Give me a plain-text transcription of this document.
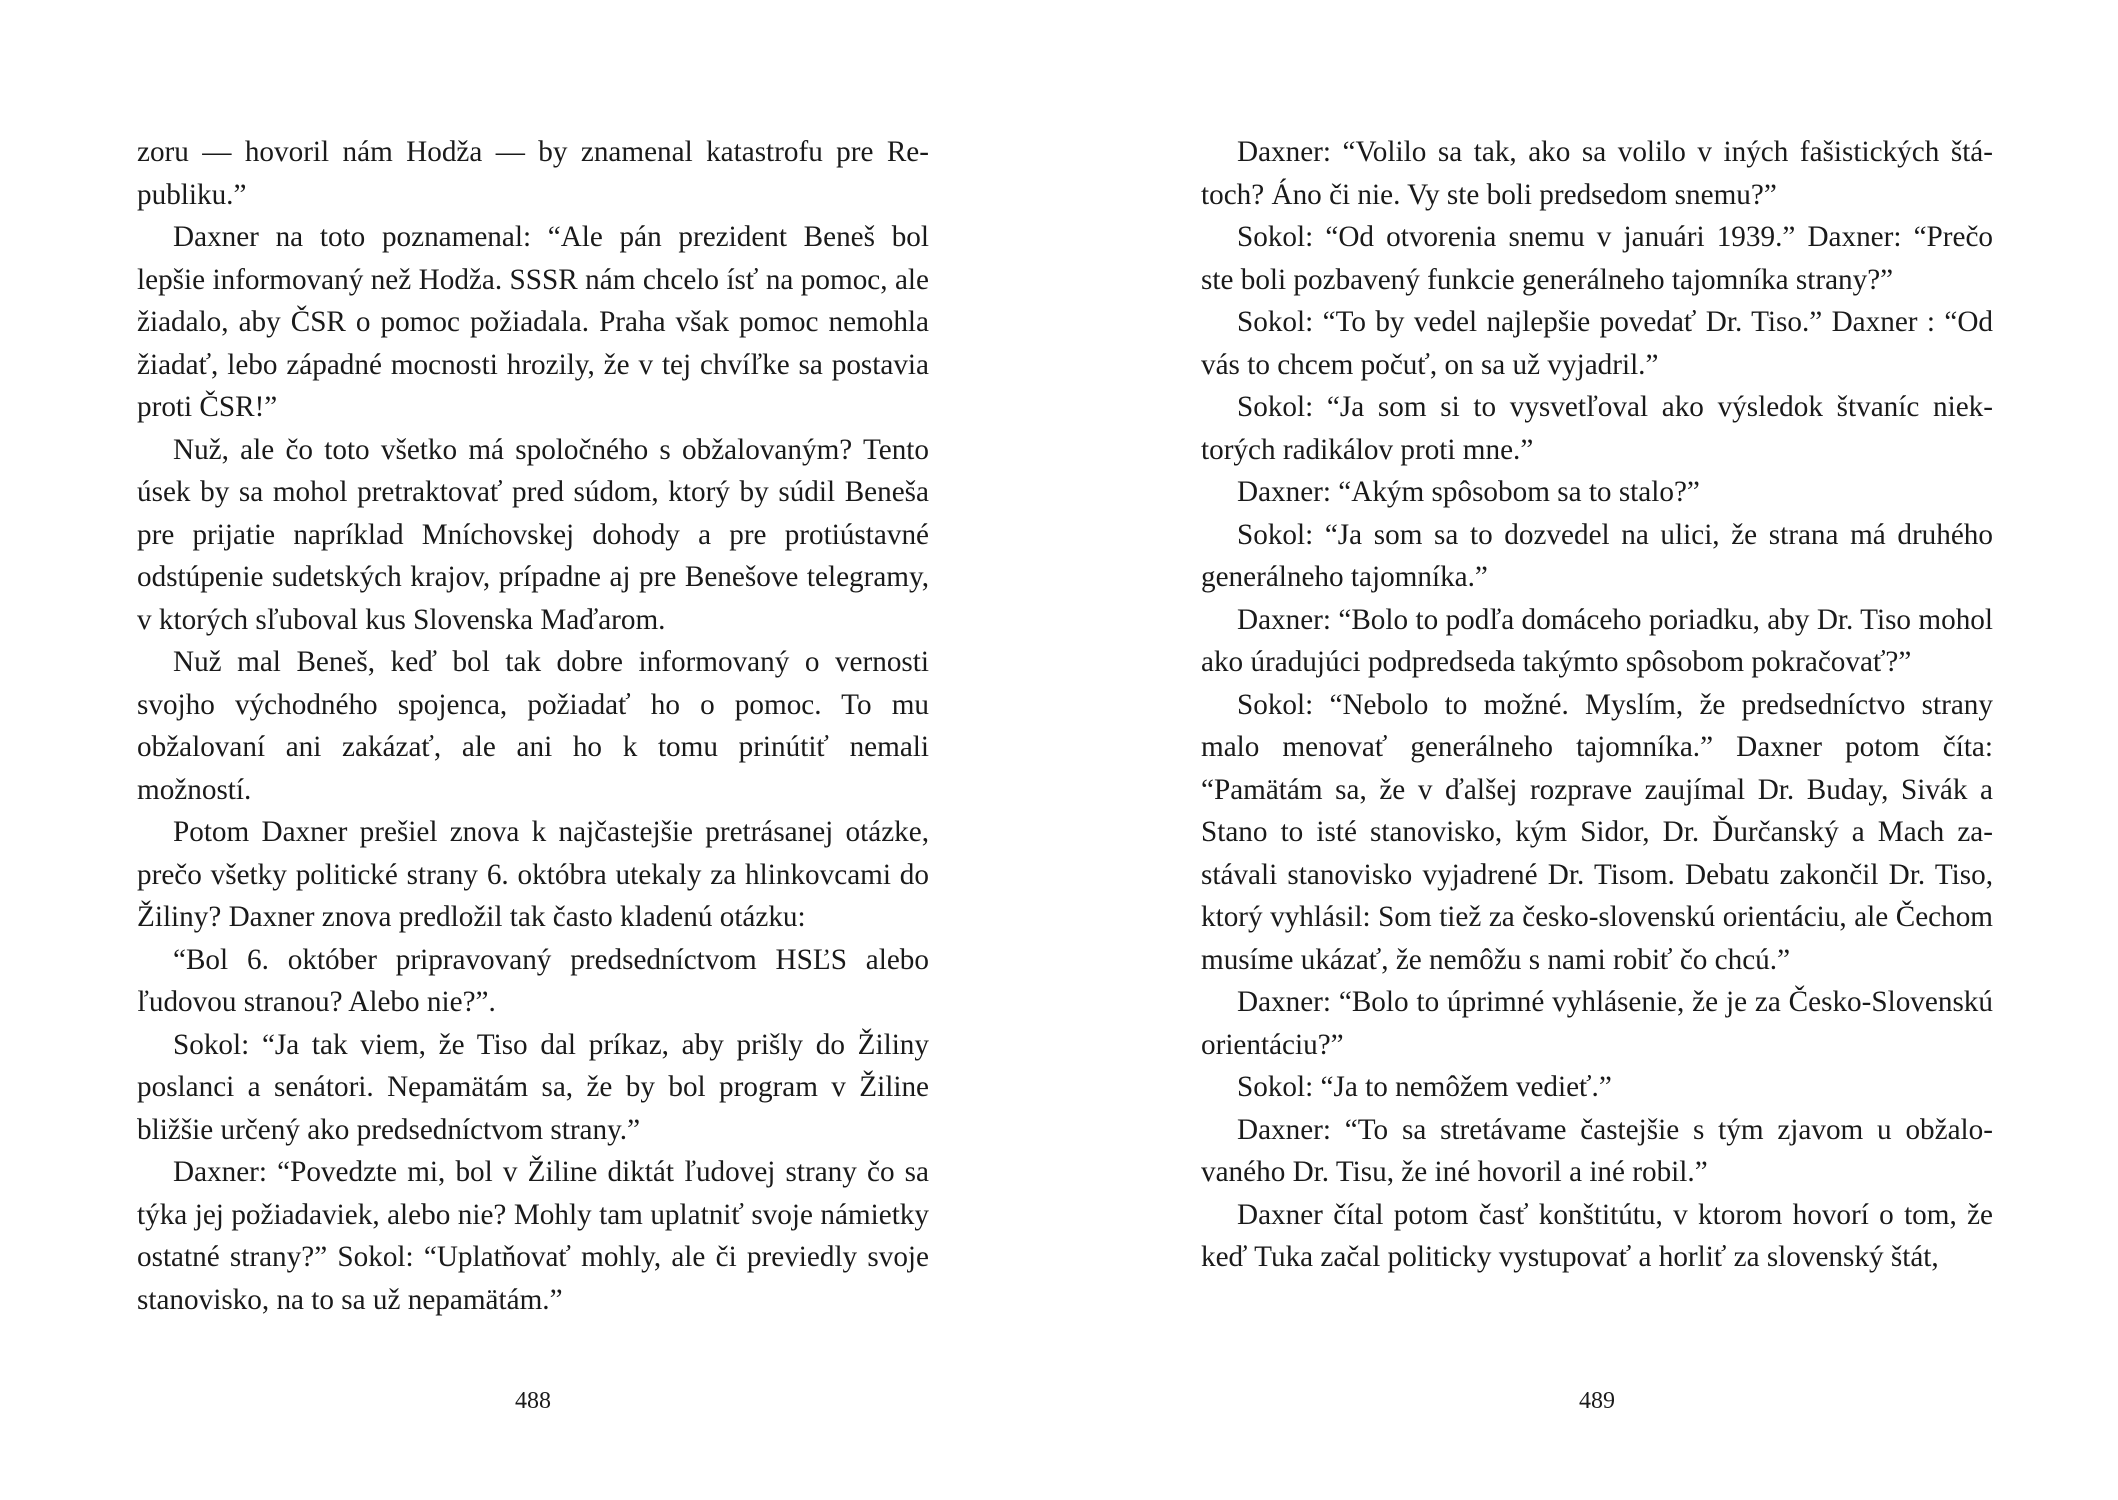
zoru — hovoril nám Hodža — by znamenal katastrofu pre Republiku.”

Daxner na toto poznamenal: “Ale pán prezident Beneš bol lepšie informovaný než Hodža. SSSR nám chcelo ísť na pomoc, ale žiadalo, aby ČSR o pomoc požiadala. Praha však pomoc nemohla žiadať, lebo západné mocnosti hrozily, že v tej chvíľke sa postavia proti ČSR!”

Nuž, ale čo toto všetko má spoločného s obžalovaným? Tento úsek by sa mohol pretraktovať pred súdom, ktorý by súdil Beneša pre prijatie napríklad Mníchovskej dohody a pre protiústavné odstúpenie sudetských krajov, prípadne aj pre Benešove telegramy, v ktorých sľuboval kus Slovenska Maďarom.

Nuž mal Beneš, keď bol tak dobre informovaný o vernosti svojho východného spojenca, požiadať ho o pomoc. To mu obžalovaní ani zakázať, ale ani ho k tomu prinútiť nemali možností.

Potom Daxner prešiel znova k najčastejšie pretrásanej otázke, prečo všetky politické strany 6. októbra utekaly za hlinkovcami do Žiliny? Daxner znova predložil tak často kladenú otázku:

“Bol 6. október pripravovaný predsedníctvom HSĽS alebo ľudovou stranou? Alebo nie?”.

Sokol: “Ja tak viem, že Tiso dal príkaz, aby prišly do Žiliny poslanci a senátori. Nepamätám sa, že by bol program v Žiline bližšie určený ako predsedníctvom strany.”

Daxner: “Povedzte mi, bol v Žiline diktát ľudovej strany čo sa týka jej požiadaviek, alebo nie? Mohly tam uplatniť svoje námietky ostatné strany?” Sokol: “Uplatňovať mohly, ale či previedly svoje stanovisko, na to sa už nepamätám.”

488

Daxner: “Volilo sa tak, ako sa volilo v iných fašistických štátoch? Áno či nie. Vy ste boli predsedom snemu?”

Sokol: “Od otvorenia snemu v januári 1939.” Daxner: “Prečo ste boli pozbavený funkcie generálneho tajomníka strany?”

Sokol: “To by vedel najlepšie povedať Dr. Tiso.” Daxner : “Od vás to chcem počuť, on sa už vyjadril.”

Sokol: “Ja som si to vysvetľoval ako výsledok štvaníc niektorých radikálov proti mne.”

Daxner: “Akým spôsobom sa to stalo?”

Sokol: “Ja som sa to dozvedel na ulici, že strana má druhého generálneho tajomníka.”

Daxner: “Bolo to podľa domáceho poriadku, aby Dr. Tiso mohol ako úradujúci podpredseda takýmto spôsobom pokračovať?”

Sokol: “Nebolo to možné. Myslím, že predsedníctvo strany malo menovať generálneho tajomníka.” Daxner potom číta: “Pamätám sa, že v ďalšej rozprave zaujímal Dr. Buday, Sivák a Stano to isté stanovisko, kým Sidor, Dr. Ďurčanský a Mach zastávali stanovisko vyjadrené Dr. Tisom. Debatu zakončil Dr. Tiso, ktorý vyhlásil: Som tiež za česko-slovenskú orientáciu, ale Čechom musíme ukázať, že nemôžu s nami robiť čo chcú.”

Daxner: “Bolo to úprimné vyhlásenie, že je za Česko-Slovenskú orientáciu?”

Sokol: “Ja to nemôžem vedieť.”

Daxner: “To sa stretávame častejšie s tým zjavom u obžalovaného Dr. Tisu, že iné hovoril a iné robil.”

Daxner čítal potom časť konštitútu, v ktorom hovorí o tom, že keď Tuka začal politicky vystupovať a horliť za slovenský štát,

489
